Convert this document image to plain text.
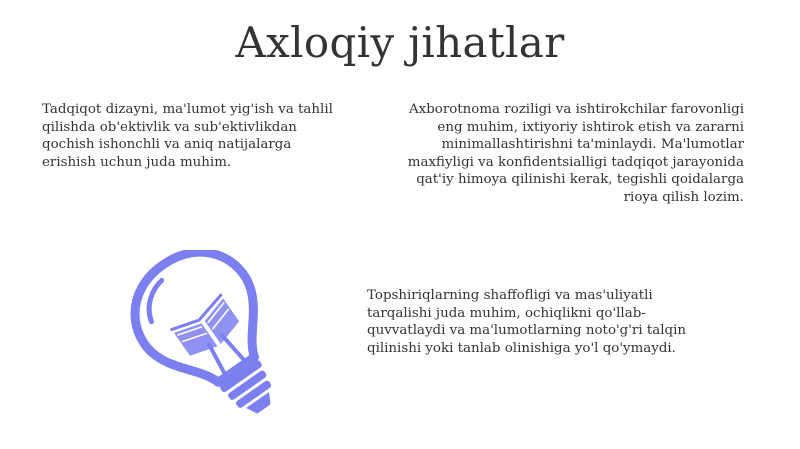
Axloqiy jihatlar

Tadqiqot dizayni, ma'lumot yig'ish va tahlil qilishda ob'ektivlik va sub'ektivlikdan qochish ishonchli va aniq natijalarga erishish uchun juda muhim.

Axborotnoma roziligi va ishtirokchilar farovonligi eng muhim, ixtiyoriy ishtirok etish va zararni minimallashtirishni ta'minlaydi. Ma'lumotlar maxfiyligi va konfidentsialligi tadqiqot jarayonida qat'iy himoya qilinishi kerak, tegishli qoidalarga rioya qilish lozim.

Topshiriqlarning shaffofligi va mas'uliyatli tarqalishi juda muhim, ochiqlikni qo'llab-quvvatlaydi va ma'lumotlarning noto'g'ri talqin qilinishi yoki tanlab olinishiga yo'l qo'ymaydi.
